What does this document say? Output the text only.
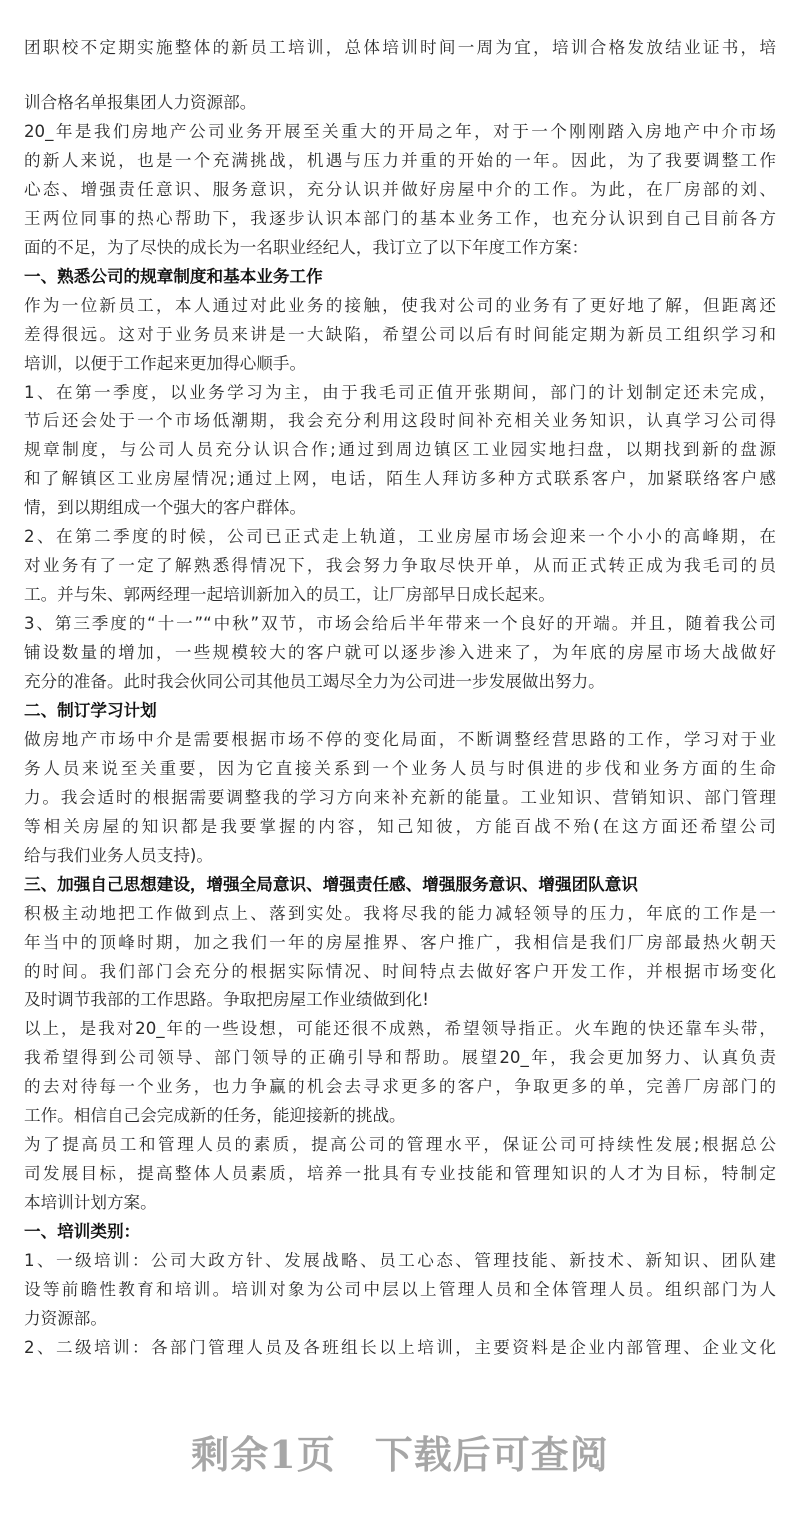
团职校不定期实施整体的新员工培训，总体培训时间一周为宜，培训合格发放结业证书，培
训合格名单报集团人力资源部。
20_年是我们房地产公司业务开展至关重大的开局之年，对于一个刚刚踏入房地产中介市场
的新人来说，也是一个充满挑战，机遇与压力并重的开始的一年。因此，为了我要调整工作
心态、增强责任意识、服务意识，充分认识并做好房屋中介的工作。为此，在厂房部的刘、
王两位同事的热心帮助下，我逐步认识本部门的基本业务工作，也充分认识到自己目前各方
面的不足，为了尽快的成长为一名职业经纪人，我订立了以下年度工作方案：
一、熟悉公司的规章制度和基本业务工作
作为一位新员工，本人通过对此业务的接触，使我对公司的业务有了更好地了解，但距离还
差得很远。这对于业务员来讲是一大缺陷，希望公司以后有时间能定期为新员工组织学习和
培训，以便于工作起来更加得心顺手。
1、在第一季度，以业务学习为主，由于我毛司正值开张期间，部门的计划制定还未完成，
节后还会处于一个市场低潮期，我会充分利用这段时间补充相关业务知识，认真学习公司得
规章制度，与公司人员充分认识合作;通过到周边镇区工业园实地扫盘，以期找到新的盘源
和了解镇区工业房屋情况;通过上网，电话，陌生人拜访多种方式联系客户，加紧联络客户感
情，到以期组成一个强大的客户群体。
2、在第二季度的时候，公司已正式走上轨道，工业房屋市场会迎来一个小小的高峰期，在
对业务有了一定了解熟悉得情况下，我会努力争取尽快开单，从而正式转正成为我毛司的员
工。并与朱、郭两经理一起培训新加入的员工，让厂房部早日成长起来。
3、第三季度的“十一”“中秋”双节，市场会给后半年带来一个良好的开端。并且，随着我公司
铺设数量的增加，一些规模较大的客户就可以逐步渗入进来了，为年底的房屋市场大战做好
充分的准备。此时我会伙同公司其他员工竭尽全力为公司进一步发展做出努力。
二、制订学习计划
做房地产市场中介是需要根据市场不停的变化局面，不断调整经营思路的工作，学习对于业
务人员来说至关重要，因为它直接关系到一个业务人员与时俱进的步伐和业务方面的生命
力。我会适时的根据需要调整我的学习方向来补充新的能量。工业知识、营销知识、部门管理
等相关房屋的知识都是我要掌握的内容，知己知彼，方能百战不殆(在这方面还希望公司
给与我们业务人员支持)。
三、加强自己思想建设，增强全局意识、增强责任感、增强服务意识、增强团队意识
积极主动地把工作做到点上、落到实处。我将尽我的能力减轻领导的压力，年底的工作是一
年当中的顶峰时期，加之我们一年的房屋推界、客户推广，我相信是我们厂房部最热火朝天
的时间。我们部门会充分的根据实际情况、时间特点去做好客户开发工作，并根据市场变化
及时调节我部的工作思路。争取把房屋工作业绩做到化!
以上，是我对20_年的一些设想，可能还很不成熟，希望领导指正。火车跑的快还靠车头带，
我希望得到公司领导、部门领导的正确引导和帮助。展望20_年，我会更加努力、认真负责
的去对待每一个业务，也力争赢的机会去寻求更多的客户，争取更多的单，完善厂房部门的
工作。相信自己会完成新的任务，能迎接新的挑战。
为了提高员工和管理人员的素质，提高公司的管理水平，保证公司可持续性发展;根据总公
司发展目标，提高整体人员素质，培养一批具有专业技能和管理知识的人才为目标，特制定
本培训计划方案。
一、培训类别：
1、一级培训：公司大政方针、发展战略、员工心态、管理技能、新技术、新知识、团队建
设等前瞻性教育和培训。培训对象为公司中层以上管理人员和全体管理人员。组织部门为人
力资源部。
2、二级培训：各部门管理人员及各班组长以上培训，主要资料是企业内部管理、企业文化
剩余1页　下载后可查阅
